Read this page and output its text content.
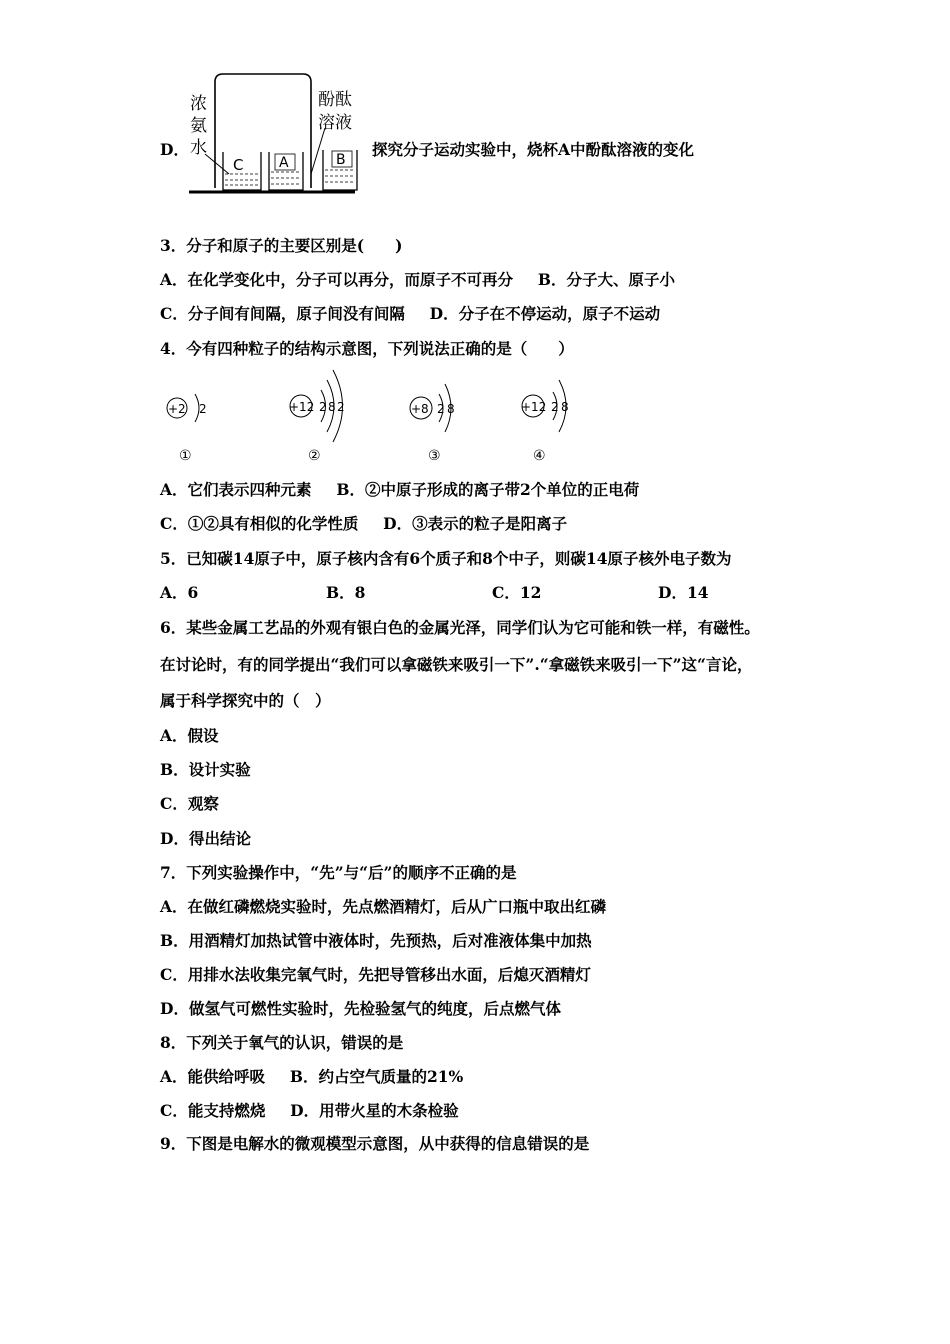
D．
浓
氨
水
酚酞
溶液
C	A	B
探究分子运动实验中，烧杯A中酚酞溶液的变化
3．分子和原子的主要区别是(　　)
A．在化学变化中，分子可以再分，而原子不可再分 B．分子大、原子小
C．分子间有间隔，原子间没有间隔 D．分子在不停运动，原子不运动
4．今有四种粒子的结构示意图，下列说法正确的是（　　）
+2	+12	+8	+12
2	2 8 2	2 8	2 8
①	②	③	④
A．它们表示四种元素 B．②中原子形成的离子带2个单位的正电荷
C．①②具有相似的化学性质 D．③表示的粒子是阳离子
5．已知碳14原子中，原子核内含有6个质子和8个中子，则碳14原子核外电子数为
A．6	B．8	C．12	D．14
6．某些金属工艺品的外观有银白色的金属光泽，同学们认为它可能和铁一样，有磁性。
在讨论时，有的同学提出“我们可以拿磁铁来吸引一下”.“拿磁铁来吸引一下”这“言论，
属于科学探究中的（　）
A．假设
B．设计实验
C．观察
D．得出结论
7．下列实验操作中，“先”与“后”的顺序不正确的是
A．在做红磷燃烧实验时，先点燃酒精灯，后从广口瓶中取出红磷
B．用酒精灯加热试管中液体时，先预热，后对准液体集中加热
C．用排水法收集完氧气时，先把导管移出水面，后熄灭酒精灯
D．做氢气可燃性实验时，先检验氢气的纯度，后点燃气体
8．下列关于氧气的认识，错误的是
A．能供给呼吸 B．约占空气质量的21%
C．能支持燃烧 D．用带火星的木条检验
9．下图是电解水的微观模型示意图，从中获得的信息错误的是
